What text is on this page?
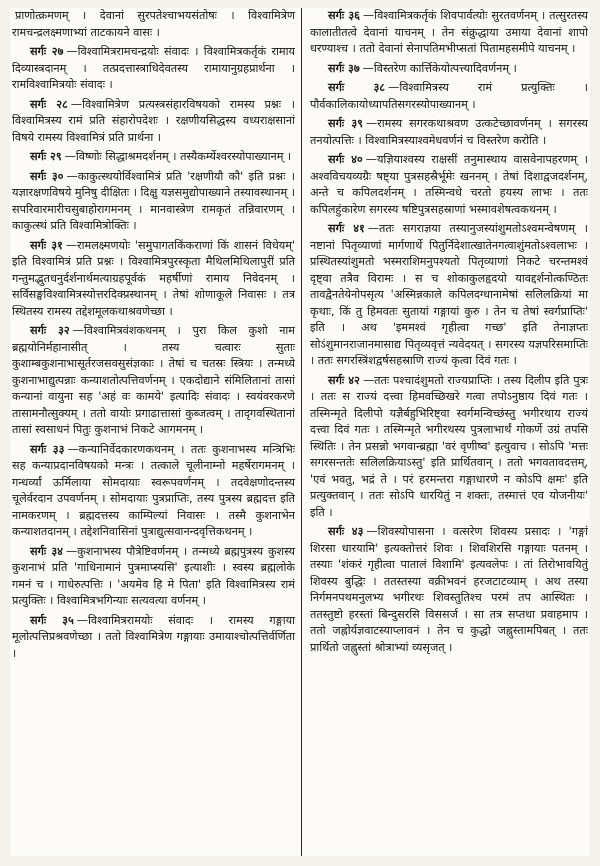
प्राणोत्क्रमणम् । देवानां सुरपतेश्चाभयसंतोषः । विश्वामित्रेण रामचन्द्रलक्ष्मणाभ्यां ताटकायने वासः ।

सर्गः २७ —विश्वामित्ररामचन्द्रयोः संवादः । विश्वामित्रकर्तृकं रामाय दिव्यास्त्रदानम् । तत्प्रदत्तास्त्राधिदेवतस्य रामायानुग्रहप्रार्थना । रामविश्वामित्रयोः संवादः ।

सर्गः २८ —विश्वामित्रेण प्रत्यस्त्रसंहारविषयको रामस्य प्रश्नः । विश्वामित्रस्य रामं प्रति संहारोपदेशः । रक्षणीयसिद्धस्य वध्यराक्षसानां विषये रामस्य विश्वामित्रं प्रति प्रार्थना ।

सर्गः २९ —विष्णोः सिद्धाश्रमदर्शनम् । तस्यैकर्म्येश्वरस्योपाख्यानम् ।

सर्गः ३० —काकुत्स्थयोर्विश्वामित्रं प्रति 'रक्षणीयौ कौ' इति प्रश्नः । यज्ञारक्षणविषये मुनिषु दीक्षितः । दिक्षु यज्ञसमुद्योपाख्याने तस्यावस्थानम् । सपरिवारमारीचसुबाहोरागमनम् । मानवास्त्रेण रामकृतं तन्निवारणम् । काकुत्स्थं प्रति विश्वामित्रोक्तिः ।

सर्गः ३१ —रामलक्ष्मणयोः 'समुपागतकिंकराणां किं शासनं विधेयम्' इति विश्वामित्रं प्रति प्रश्नः । विश्वामित्रपुरस्कृता मैथिलमिथिलापुरीं प्रति गन्तुमद्भुतधनुर्दर्शनार्थमत्याग्रहपूर्वकं महर्षीणां रामाय निवेदनम् । सर्विसङ्घविश्वामित्रस्योत्तरदिक्प्रस्थानम् । तेषां शोणाकूले निवासः । तत्र स्थितस्य रामस्य तद्देशमूलकथाश्रवणेच्छा ।

सर्गः ३२ —विश्वामित्रवंशकथनम् । पुरा किल कुशो नाम ब्रह्मयोनिर्महानासीत् । तस्य चत्वारः सुताः कुशाम्बकुशनाभासूर्तरजसवसुसंज्ञकाः । तेषां च चतस्रः स्त्रियः । तन्मध्ये कुशनाभाद्युत्पन्नाः कन्याशतोत्पत्तिवर्णनम् । एकदोद्याने संमिलितानां तासां कन्यानां वायुना सह 'अहं वः कामये' इत्यादिः संवादः । स्वयंवरकरणे तासामनौत्सुक्यम् । ततो वायोः प्रगाढात्तासां कुब्जत्वम् । तादृगवस्थितानां तासां स्वसाधनं पितुः कुशनाभं निकटे आगमनम् ।

सर्गः ३३ —कन्यानिर्वेदकारणकथनम् । ततः कुशनाभस्य मन्त्रिभिः सह कन्याप्रदानविषयको मन्त्रः । तत्काले चूलीनाम्नो महर्षेरागमनम् । गन्धर्व्यां ऊर्मिलाया सोमदायाः स्वरूपवर्णनम् । तदवेक्षणोदन्तस्य चूलेर्वरदान उपवर्णनम् । सोमदायाः पुत्रप्राप्तिः, तस्य पुत्रस्य ब्रह्मदत्त इति नामकरणम् । ब्रह्मदत्तस्य काम्पिल्यां निवासः । तस्मै कुशनाभेन कन्याशतदानम् । तद्देशनिवासिनां पुत्राद्युत्सवानन्दवृत्तिकथनम् ।

सर्गः ३४ —कुशनाभस्य पौत्रेष्टिवर्णनम् । तन्मध्ये ब्रह्मपुत्रस्य कुशस्य कुशनाभं प्रति 'गाधिनामानं पुत्रमाप्स्यसि' इत्याशीः । स्वस्य ब्रह्मलोके गमनं च । गाधेरुत्पत्तिः । 'अयमेव हि मे पिता' इति विश्वामित्रस्य रामं प्रत्युक्तिः । विश्वामित्रभगिन्याः सत्यवत्या वर्णनम् ।

सर्गः ३५ —विश्वामित्ररामयोः संवादः । रामस्य गङ्गाया मूलोत्पत्तिप्रश्रवणेच्छा । ततो विश्वामित्रेण गङ्गायाः उमायाश्चोत्पत्तिर्वर्णिता ।

सर्गः ३६ —विश्वामित्रकर्तृकं शिवपार्वत्योः सुरतवर्णनम् । तत्सुरतस्य कालातीतत्वे देवानां याचनम् । तेन संक्रुद्धाया उमाया देवानां शापो धरण्याश्च । ततो देवानां सेनापतिमभीप्सतां पितामहसमीपे याचनम् ।

सर्गः ३७ —विस्तरेण कार्त्तिकेयोत्पत्त्यादिवर्णनम् ।

सर्गः ३८ —विश्वामित्रस्य रामं प्रत्युक्तिः । पौर्वकालिकायोध्यापतिसगरस्योपाख्यानम् ।

सर्गः ३९ —रामस्य सगरकथाश्रवण उत्कटेच्छावर्णनम् । सगरस्य तनयोत्पत्तिः । विश्वामित्रस्याश्वमेधवर्णनं च विस्तरेण करोति ।

सर्गः ४० —यज्ञियाश्वस्य राक्षसीं तनुमास्थाय वासवेनापहरणम् । अश्वविचयव्यग्रैः षष्ट्या पुत्रसहस्रैर्भूमेः खननम् । तेषां दिशाद्वजदर्शनम्, अन्ते च कपिलदर्शनम् । तस्मिन्वधे चरतो हयस्य लाभः । ततः कपिलहुंकारेण सगरस्य षष्टिपुत्रसहस्राणां भस्मावशेषत्वकथनम् ।

सर्गः ४१ —ततः सगराज्ञया तस्यानुजस्यांशुमतोऽश्वमन्वेषणम् । नष्टानां पितृव्याणां मार्गणार्थे पितुर्निदेशात्खातेनगत्वाशुंमतोऽश्वलाभः । प्रस्थितस्यांशुमतो भस्मराशिमनुपश्यतो पितृव्याणां निकटे चरन्तमश्वं दृष्ट्वा तत्रैव विरामः । स च शोकाकुलहृदयो यावद्दर्शनोत्कण्ठितः तावद्वैनतेयेनोपसृत्य 'अस्मिन्नकाले कपिलदग्धानामेषां सलिलक्रियां मा कृथाः, किं तु हिमवतः सुतायां गङ्गायां कुरु । तेन च तेषां स्वर्गप्राप्तिः' इति । अथ 'इममश्वं गृहीत्वा गच्छ' इति तेनाज्ञप्तः सोऽंशुमानराजानमासाद्य पितृव्यवृत्तं न्यवेदयत् । सगरस्य यज्ञपरिसमाप्तिः । ततः सगरस्त्रिंशद्वर्षसहस्राणि राज्यं कृत्वा दिवं गतः ।

सर्गः ४२ —ततः पश्चादंशुमतो राज्यप्राप्तिः । तस्य दिलीप इति पुत्रः । ततः स राज्यं दत्त्वा हिमवच्छिखरे गत्वा तपोऽनुष्ठाय दिवं गतः । तस्मिन्मृते दिलीपो यज्ञैर्बहुभिरिष्ट्वा स्वर्गमन्विच्छंस्तु भगीरथाय राज्यं दत्त्वा दिवं गतः । तस्मिन्मृते भगीरथस्य पुत्रलाभार्थं गोकर्णे उग्रं तपसि स्थितिः । तेन प्रसन्नो भगवान्ब्रह्मा 'वरं वृणीष्व' इत्युवाच । सोऽपि 'मत्तः सगरसन्ततेः सलिलक्रियाऽस्तु' इति प्रार्थितवान् । ततो भगवतावदत्तम्, 'एवं भवतु, भद्रं ते । परं हरमन्तरा गङ्गाधारणे न कोऽपि क्षमः' इति प्रत्युक्तवान् । ततः सोऽपि धारयितुं न शक्तः, तस्मात्तं एव योजनीयः' इति ।

सर्गः ४३ —शिवस्योपासना । वत्सरेण शिवस्य प्रसादः । 'गङ्गां शिरसा धारयामि' इत्यक्तोत्तरं शिवः । शिवशिरसि गङ्गायाः पतनम् । तस्याः 'शंकरं गृहीत्वा पातालं विशामि' इत्यवलेपः । तां तिरोभावयितुं शिवस्य बुद्धिः । ततस्तस्या वक्रीभवनं हरजटाटव्याम् । अथ तस्या निर्गमनपथमनुलभ्य भगीरथः शिवस्तुतिश्च परमं तप आस्थितः । ततस्तुष्टो हरस्तां बिन्दुसरसि विससर्ज । सा तत्र सप्तधा प्रवाहमाप । ततो जह्नोर्यज्ञवाटस्याप्लावनं । तेन च कुद्धो जह्नुस्तामपिबत् । ततः प्रार्थितो जह्नुस्तां श्रोत्राभ्यां व्यसृजत् ।
